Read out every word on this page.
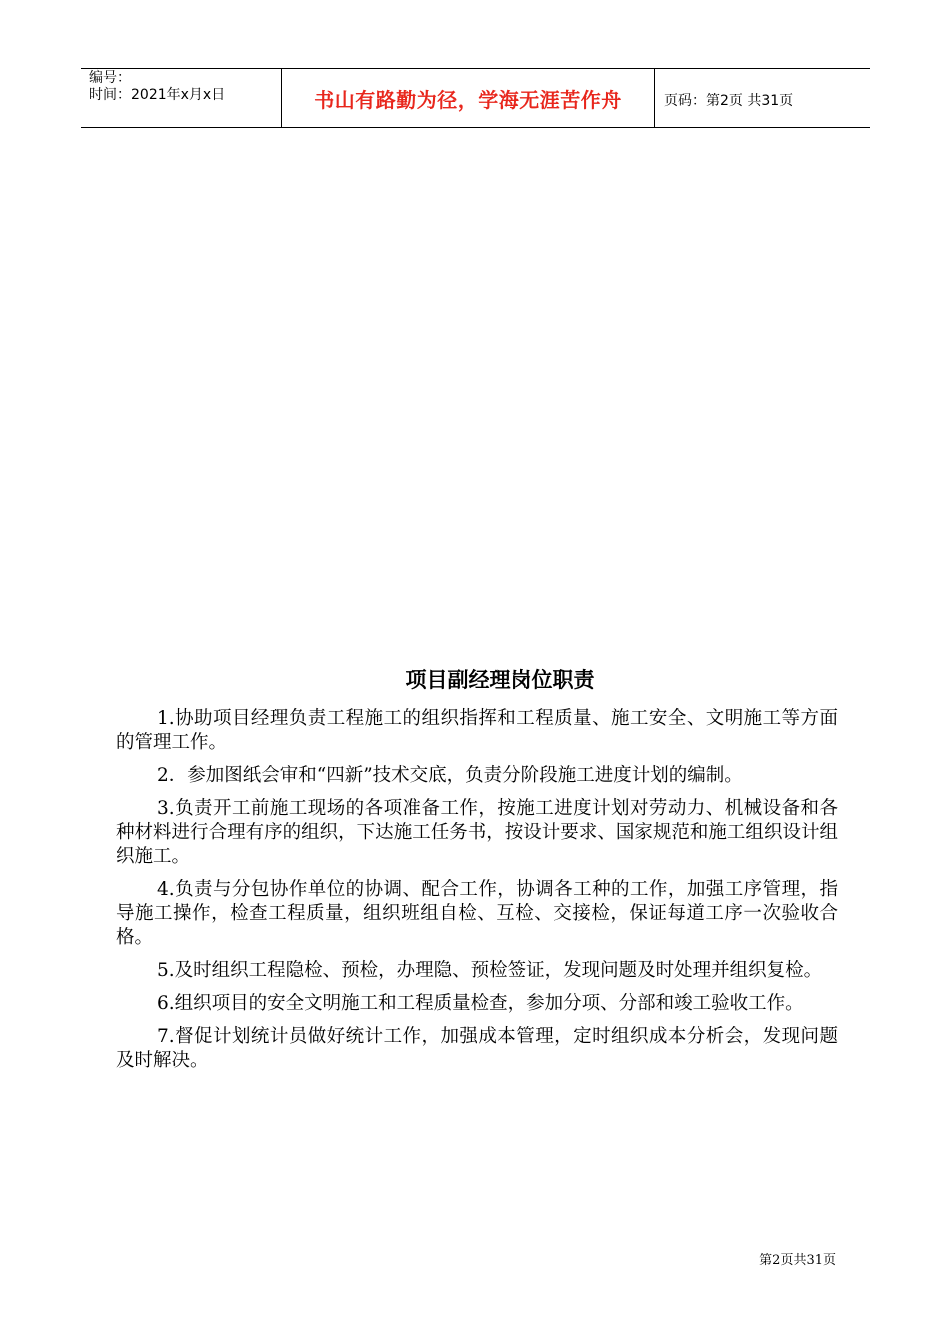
编号：
时间：2021年x月x日	书山有路勤为径，学海无涯苦作舟	页码：第2页 共31页
项目副经理岗位职责

1.协助项目经理负责工程施工的组织指挥和工程质量、施工安全、文明施工等方面的管理工作。

2．参加图纸会审和“四新”技术交底，负责分阶段施工进度计划的编制。

3.负责开工前施工现场的各项准备工作，按施工进度计划对劳动力、机械设备和各种材料进行合理有序的组织，下达施工任务书，按设计要求、国家规范和施工组织设计组织施工。

4.负责与分包协作单位的协调、配合工作，协调各工种的工作，加强工序管理，指导施工操作，检查工程质量，组织班组自检、互检、交接检，保证每道工序一次验收合格。

5.及时组织工程隐检、预检，办理隐、预检签证，发现问题及时处理并组织复检。

6.组织项目的安全文明施工和工程质量检查，参加分项、分部和竣工验收工作。

7.督促计划统计员做好统计工作，加强成本管理，定时组织成本分析会，发现问题及时解决。

第2页共31页
